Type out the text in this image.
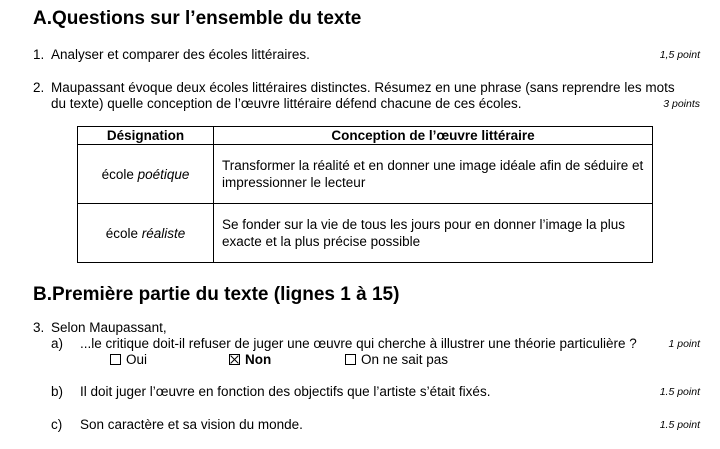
A.Questions sur l’ensemble du texte
1. Analyser et comparer des écoles littéraires.	1,5 point
2. Maupassant évoque deux écoles littéraires distinctes. Résumez en une phrase (sans reprendre les mots
du texte) quelle conception de l’œuvre littéraire défend chacune de ces écoles.	3 points
Désignation	Conception de l’œuvre littéraire
école poétique	Transformer la réalité et en donner une image idéale afin de séduire et impressionner le lecteur
école réaliste	Se fonder sur la vie de tous les jours pour en donner l’image la plus exacte et la plus précise possible
B.Première partie du texte (lignes 1 à 15)
3. Selon Maupassant,
a) ...le critique doit-il refuser de juger une œuvre qui cherche à illustrer une théorie particulière ?	1 point
Oui	Non	On ne sait pas
b) Il doit juger l’œuvre en fonction des objectifs que l’artiste s’était fixés.	1.5 point
c) Son caractère et sa vision du monde.	1.5 point
